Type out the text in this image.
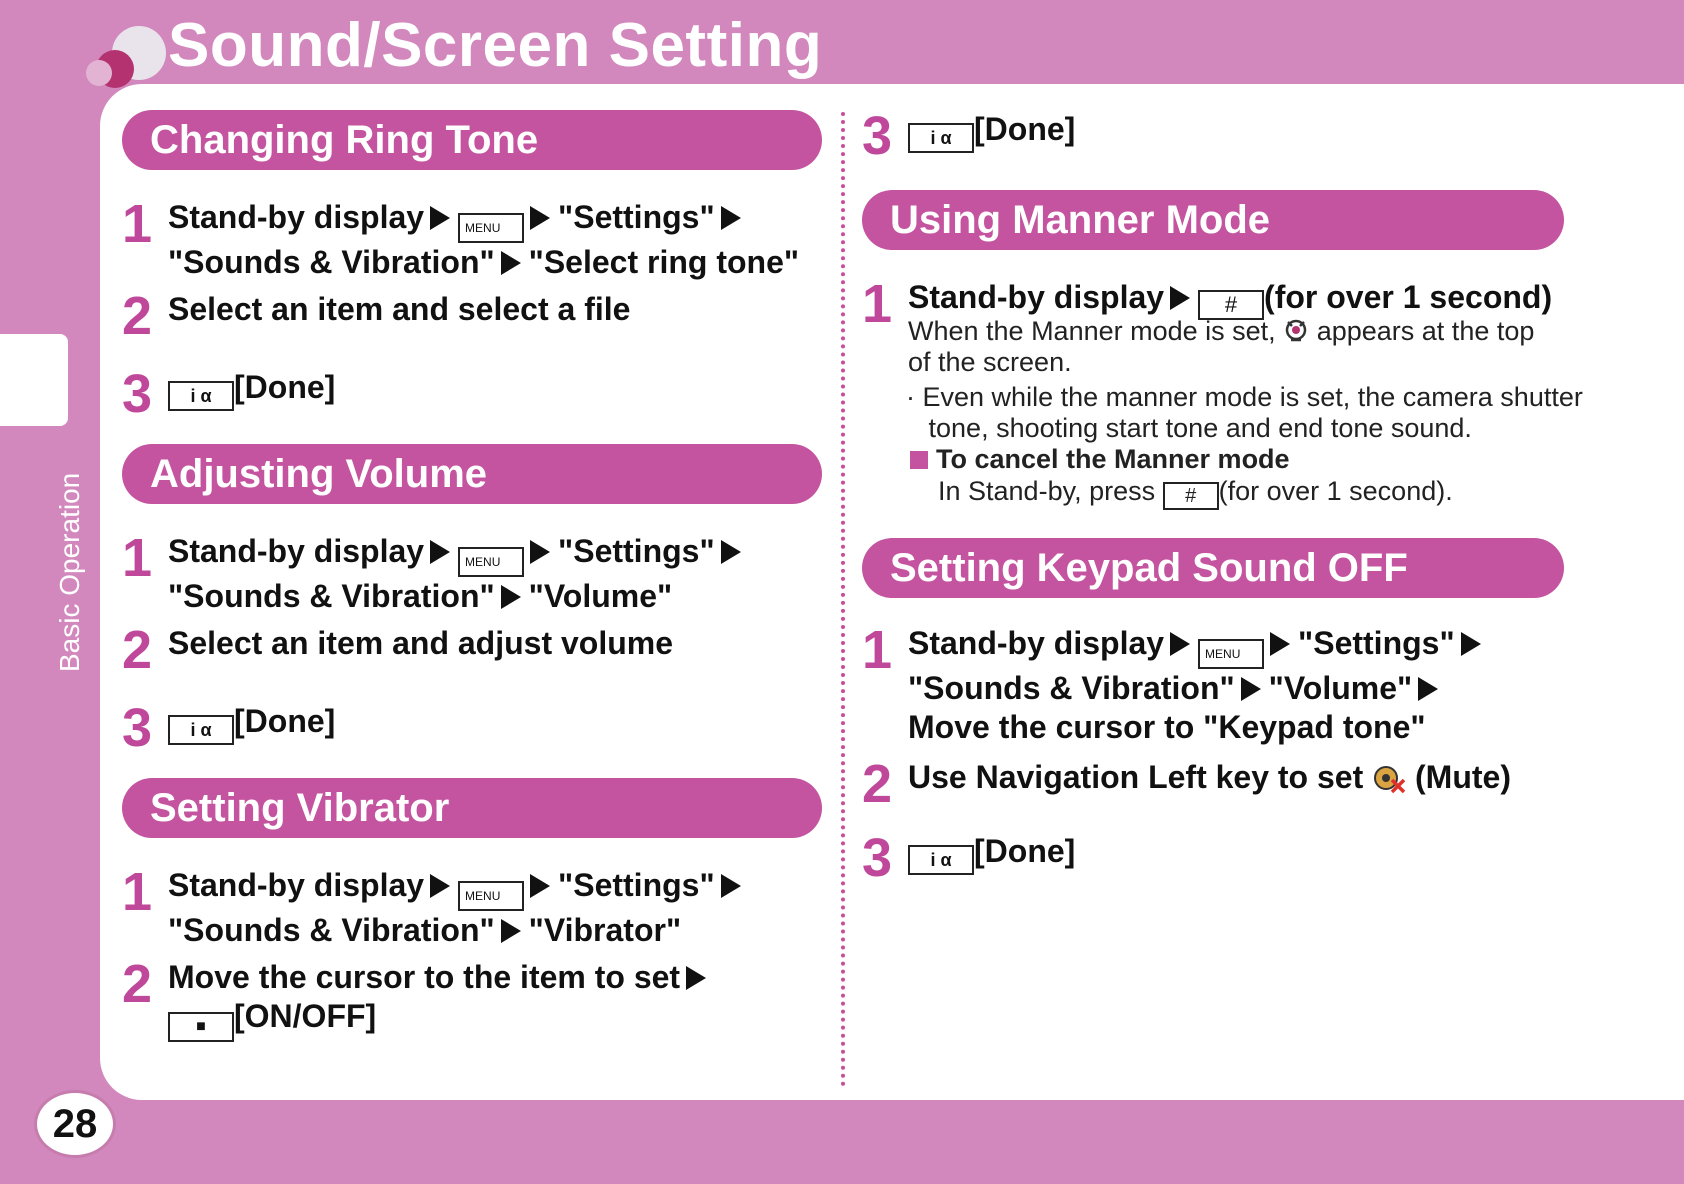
Sound/Screen Setting
Basic Operation
Changing Ring Tone
1 Stand-by display	MENU "Settings"
"Sounds & Vibration" "Select ring tone"
2 Select an item and select a file
3	i α [Done]
Adjusting Volume
1 Stand-by display	MENU "Settings"
"Sounds & Vibration" "Volume"
2 Select an item and adjust volume
3	i α [Done]
Setting Vibrator
1 Stand-by display	MENU "Settings"
"Sounds & Vibration" "Vibrator"
2 Move the cursor to the item to set
■ [ON/OFF]
3	i α [Done]
Using Manner Mode
1 Stand-by display	# (for over 1 second)
When the Manner mode is set, appears at the top
of the screen.
· Even while the manner mode is set, the camera shutter
tone, shooting start tone and end tone sound.
To cancel the Manner mode
In Stand-by, press # (for over 1 second).
Setting Keypad Sound OFF
1 Stand-by display	MENU "Settings"
"Sounds & Vibration" "Volume"
Move the cursor to "Keypad tone"
2 Use Navigation Left key to set (Mute)
3	i α [Done]
28
